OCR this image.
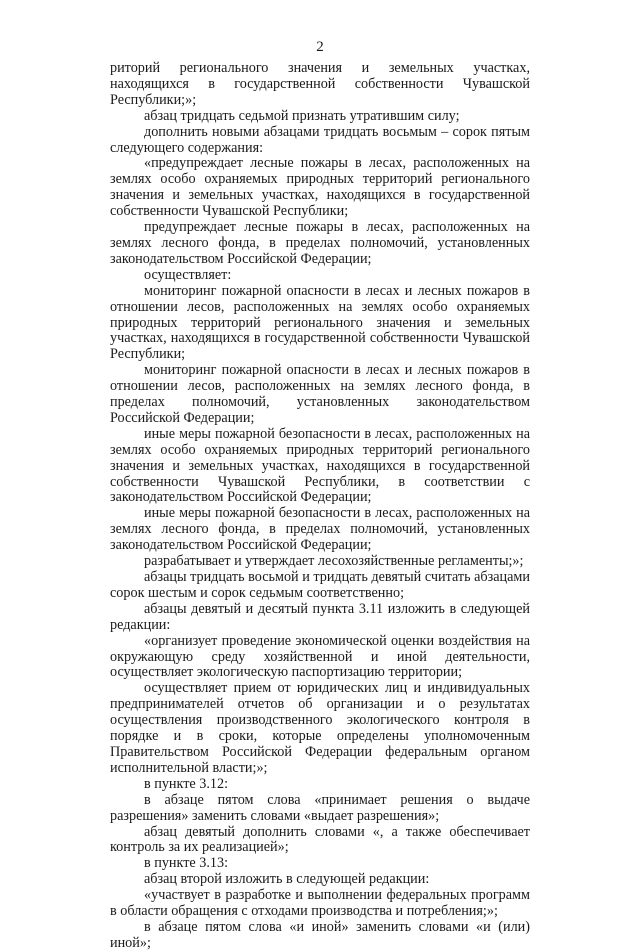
2

риторий регионального значения и земельных участках, находящихся в государственной собственности Чувашской Республики;»;

абзац тридцать седьмой признать утратившим силу;

дополнить новыми абзацами тридцать восьмым – сорок пятым следующего содержания:

«предупреждает лесные пожары в лесах, расположенных на землях особо охраняемых природных территорий регионального значения и земельных участках, находящихся в государственной собственности Чувашской Республики;

предупреждает лесные пожары в лесах, расположенных на землях лесного фонда, в пределах полномочий, установленных законодательством Российской Федерации;

осуществляет:

мониторинг пожарной опасности в лесах и лесных пожаров в отношении лесов, расположенных на землях особо охраняемых природных территорий регионального значения и земельных участках, находящихся в государственной собственности Чувашской Республики;

мониторинг пожарной опасности в лесах и лесных пожаров в отношении лесов, расположенных на землях лесного фонда, в пределах полномочий, установленных законодательством Российской Федерации;

иные меры пожарной безопасности в лесах, расположенных на землях особо охраняемых природных территорий регионального значения и земельных участках, находящихся в государственной собственности Чувашской Республики, в соответствии с законодательством Российской Федерации;

иные меры пожарной безопасности в лесах, расположенных на землях лесного фонда, в пределах полномочий, установленных законодательством Российской Федерации;

разрабатывает и утверждает лесохозяйственные регламенты;»;

абзацы тридцать восьмой и тридцать девятый считать абзацами сорок шестым и сорок седьмым соответственно;

абзацы девятый и десятый пункта 3.11 изложить в следующей редакции:

«организует проведение экономической оценки воздействия на окружающую среду хозяйственной и иной деятельности, осуществляет экологическую паспортизацию территории;

осуществляет прием от юридических лиц и индивидуальных предпринимателей отчетов об организации и о результатах осуществления производственного экологического контроля в порядке и в сроки, которые определены уполномоченным Правительством Российской Федерации федеральным органом исполнительной власти;»;

в пункте 3.12:

в абзаце пятом слова «принимает решения о выдаче разрешения» заменить словами «выдает разрешения»;

абзац девятый дополнить словами «, а также обеспечивает контроль за их реализацией»;

в пункте 3.13:

абзац второй изложить в следующей редакции:

«участвует в разработке и выполнении федеральных программ в области обращения с отходами производства и потребления;»;

в абзаце пятом слова «и иной» заменить словами «и (или) иной»;
